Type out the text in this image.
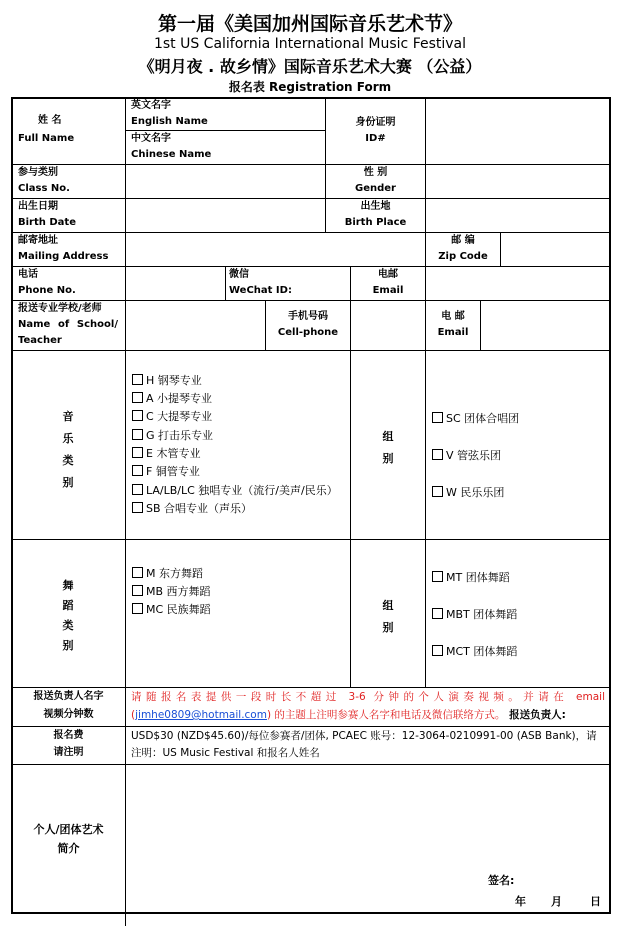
第一届《美国加州国际音乐艺术节》
1st US California International Music Festival
《明月夜 . 故乡情》国际音乐艺术大赛 （公益）
报名表 Registration Form
姓 名
Full Name
英文名字
English Name
中文名字
Chinese Name
身份证明
ID#
参与类别
Class No.
性 别
Gender
出生日期
Birth Date
出生地
Birth Place
邮寄地址
Mailing Address
邮 编
Zip Code
电话
Phone No.
微信
WeChat ID:
电邮
Email
报送专业学校/老师
Name of School/
Teacher
手机号码
Cell-phone
电 邮
Email
音
乐
类
别
H 钢琴专业
A 小提琴专业
C 大提琴专业
G 打击乐专业
E 木管专业
F 铜管专业
LA/LB/LC 独唱专业（流行/美声/民乐）
SB 合唱专业（声乐）
组
别
SC 团体合唱团
V 管弦乐团
W 民乐乐团
舞
蹈
类
别
M 东方舞蹈
MB 西方舞蹈
MC 民族舞蹈	组
别
MT 团体舞蹈
MBT 团体舞蹈
MCT 团体舞蹈
报送负责人名字
视频分钟数
请随报名表提供一段时长不超过 3-6 分钟的个人演奏视频。并请在 email
(jimhe0809@hotmail.com) 的主题上注明参赛人名字和电话及微信联络方式。 报送负责人:
报名费
请注明
USD$30 (NZD$45.60)/每位参赛者/团体, PCAEC 账号：12-3064-0210991-00 (ASB Bank)，请注明：US Music Festival 和报名人姓名
个人/团体艺术
简介
签名:
年 月	日
